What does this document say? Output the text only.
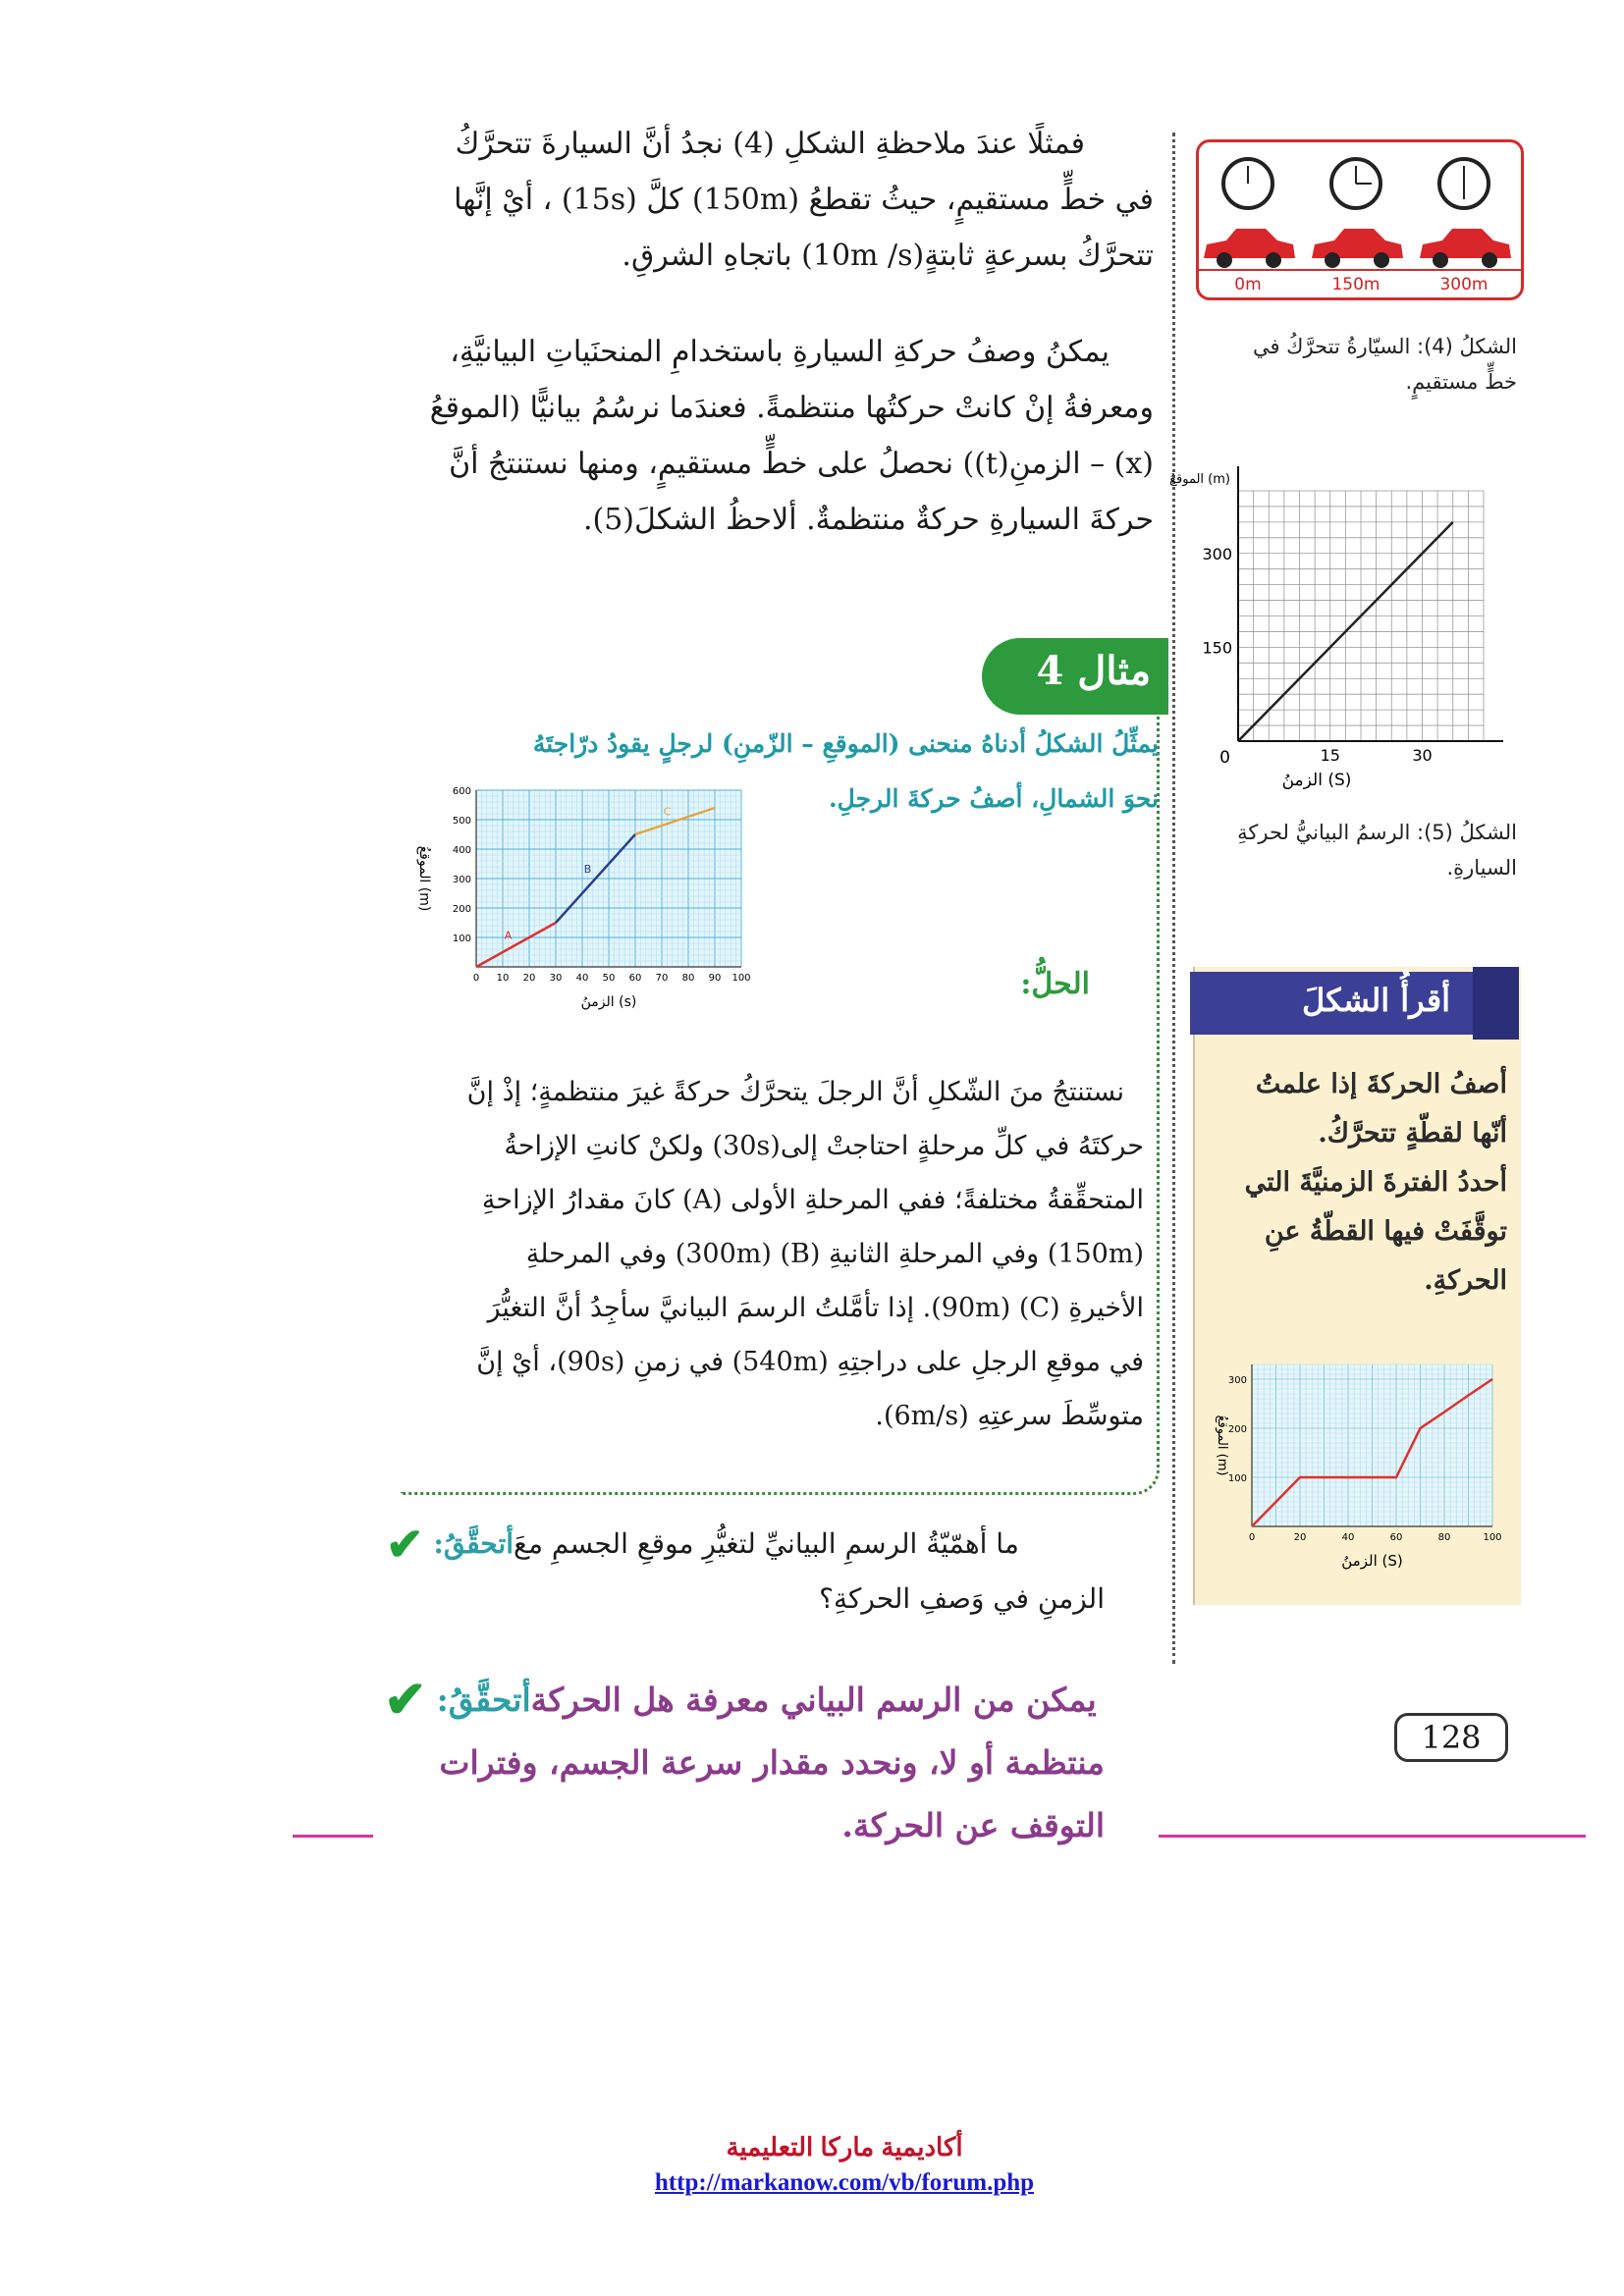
فمثلًا عندَ ملاحظةِ الشكلِ (4) نجدُ أنَّ السيارةَ تتحرَّكُ
في خطٍّ مستقيمٍ، حيثُ تقطعُ (150m) كلَّ (15s) ، أيْ إنَّها
تتحرَّكُ بسرعةٍ ثابتةٍ(10m /s) باتجاهِ الشرقِ.
يمكنُ وصفُ حركةِ السيارةِ باستخدامِ المنحنَياتِ البيانيَّةِ،
ومعرفةُ إنْ كانتْ حركتُها منتظمةً. فعندَما نرسُمُ بيانيًّا (الموقعُ
(x) – الزمنِ(t)) نحصلُ على خطٍّ مستقيمٍ، ومنها نستنتجُ أنَّ
حركةَ السيارةِ حركةٌ منتظمةٌ. ألاحظُ الشكلَ(5).
مثال 4
يمثِّلُ الشكلُ أدناهُ منحنى (الموقعِ – الزّمنِ) لرجلٍ يقودُ درّاجتَهُ
نحوَ الشمالِ، أصفُ حركةَ الرجلِ.
0 10 20 30 40 50 60 70 80 90 100
100
200
300
400
500
600
الزمنُ (s)
الموقعُ (m)
A
B
C
الحلُّ:
نستنتجُ منَ الشّكلِ أنَّ الرجلَ يتحرَّكُ حركةً غيرَ منتظمةٍ؛ إذْ إنَّ
حركتَهُ في كلِّ مرحلةٍ احتاجتْ إلى(30s) ولكنْ كانتِ الإزاحةُ
المتحقِّقةُ مختلفةً؛ ففي المرحلةِ الأولى (A) كانَ مقدارُ الإزاحةِ
(150m) وفي المرحلةِ الثانيةِ (B) (300m) وفي المرحلةِ
الأخيرةِ (C) (90m). إذا تأمَّلتُ الرسمَ البيانيَّ سأجِدُ أنَّ التغيُّرَ
في موقعِ الرجلِ على دراجتِهِ (540m) في زمنِ (90s)، أيْ إنَّ
متوسِّطَ سرعتِهِ (6m/s).
✔ أتحقَّقُ: ما أهمّيّةُ الرسمِ البيانيِّ لتغيُّرِ موقعِ الجسمِ معَ
الزمنِ في وَصفِ الحركةِ؟
✔ أتحقَّقُ: يمكن من الرسم البياني معرفة هل الحركة
منتظمة أو لا، ونحدد مقدار سرعة الجسم، وفترات
التوقف عن الحركة.
0m	150m	300m
الشكلُ (4): السيّارةُ تتحرَّكُ في
خطٍّ مستقيمٍ.
0	15	30
150
300
الزمنُ (S)
الموقعُ (m)
الشكلُ (5): الرسمُ البيانيُّ لحركةِ
السيارةِ.
أقرأُ الشكلَ
أصفُ الحركةَ إذا علمتُ
أنّها لقطّةٍ تتحرَّكُ.
أحددُ الفترةَ الزمنيَّةَ التي
توقَّفَتْ فيها القطّةُ عنِ
الحركةِ.
0	20	40	60	80	100
100
200
300
الزمنُ (S)
الموقعُ (m)
128
أكاديمية ماركا التعليمية
http://markanow.com/vb/forum.php
